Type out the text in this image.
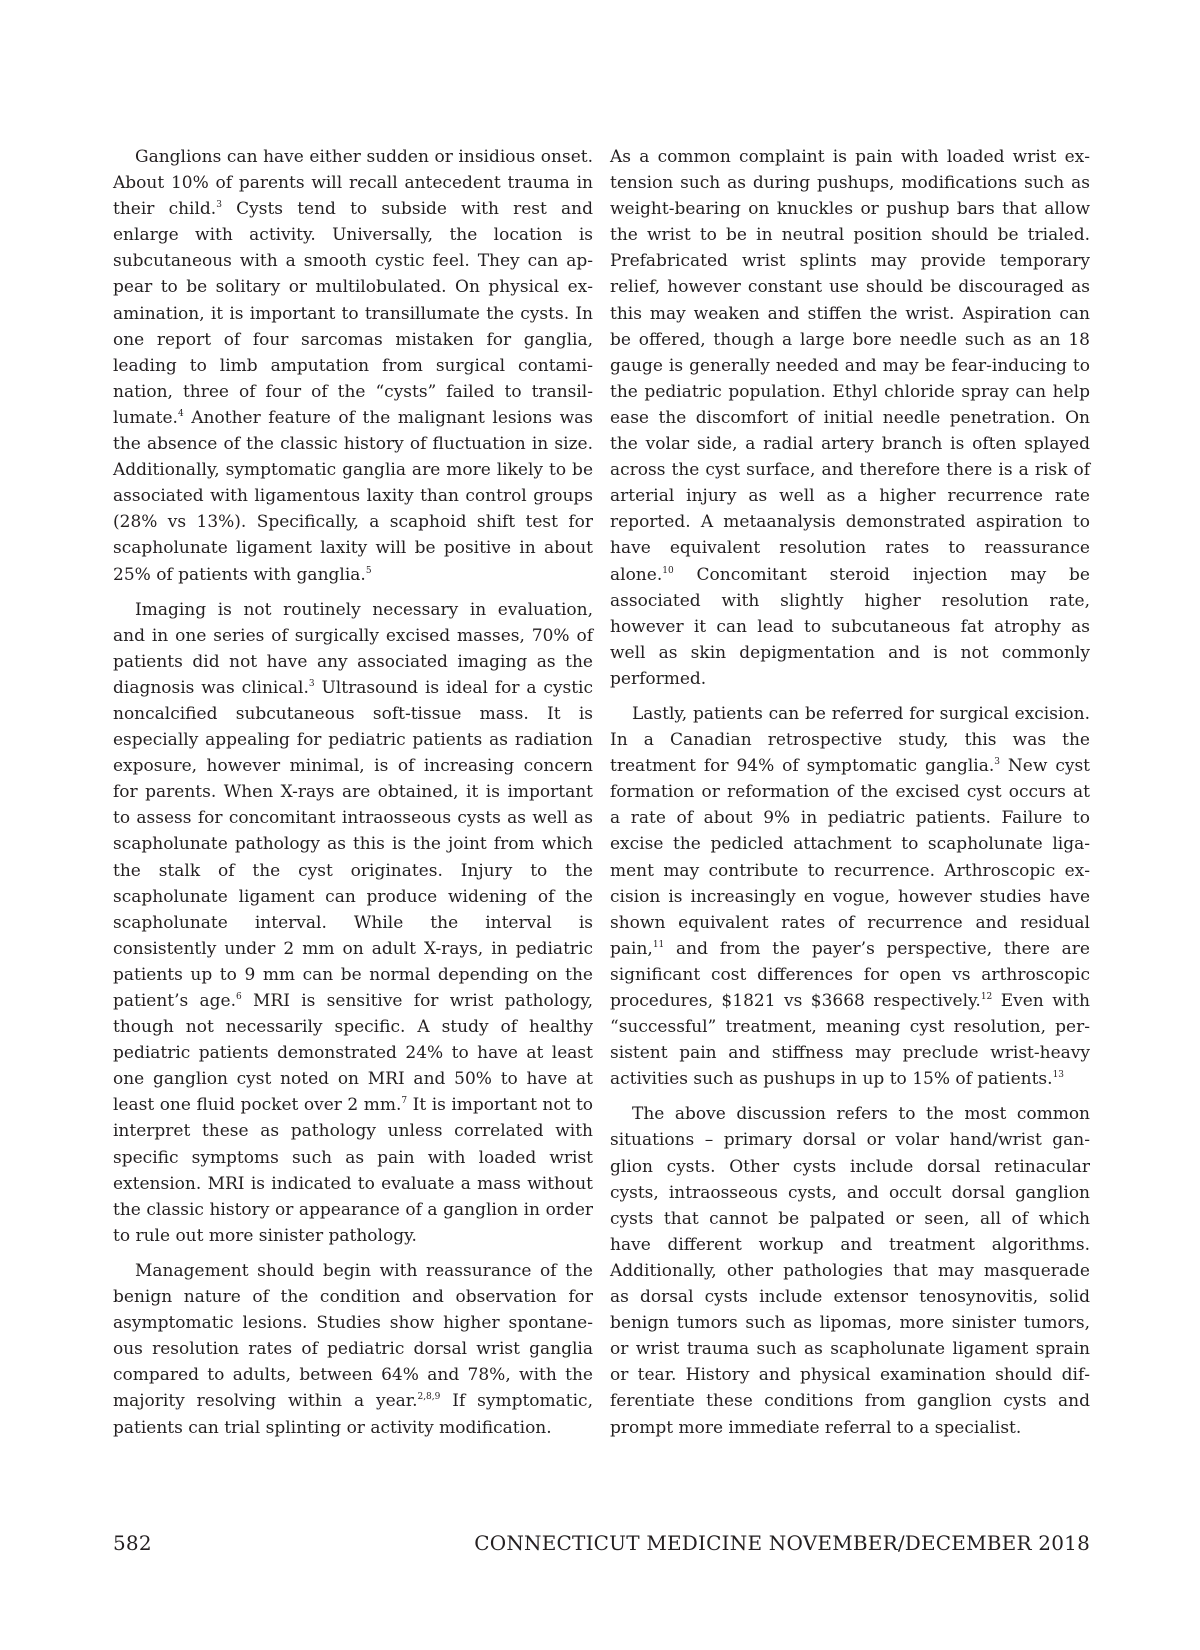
Ganglions can have either sudden or insidious onset. About 10% of parents will recall antecedent trauma in their child.$^3$ Cysts tend to subside with rest and enlarge with activity. Universally, the location is subcutaneous with a smooth cystic feel. They can appear to be solitary or multilobulated. On physical examination, it is important to transillumate the cysts. In one report of four sarcomas mistaken for ganglia, leading to limb amputation from surgical contamination, three of four of the “cysts” failed to transillumate.$^4$ Another feature of the malignant lesions was the absence of the classic history of fluctuation in size. Additionally, symptomatic ganglia are more likely to be associated with ligamentous laxity than control groups (28% vs 13%). Specifically, a scaphoid shift test for scapholunate ligament laxity will be positive in about 25% of patients with ganglia.$^5$

Imaging is not routinely necessary in evaluation, and in one series of surgically excised masses, 70% of patients did not have any associated imaging as the diagnosis was clinical.$^3$ Ultrasound is ideal for a cystic noncalcified subcutaneous soft-tissue mass. It is especially appealing for pediatric patients as radiation exposure, however minimal, is of increasing concern for parents. When X-rays are obtained, it is important to assess for concomitant intraosseous cysts as well as scapholunate pathology as this is the joint from which the stalk of the cyst originates. Injury to the scapholunate ligament can produce widening of the scapholunate interval. While the interval is consistently under 2 mm on adult X-rays, in pediatric patients up to 9 mm can be normal depending on the patient’s age.$^6$ MRI is sensitive for wrist pathology, though not necessarily specific. A study of healthy pediatric patients demonstrated 24% to have at least one ganglion cyst noted on MRI and 50% to have at least one fluid pocket over 2 mm.$^7$ It is important not to interpret these as pathology unless correlated with specific symptoms such as pain with loaded wrist extension. MRI is indicated to evaluate a mass without the classic history or appearance of a ganglion in order to rule out more sinister pathology.

Management should begin with reassurance of the benign nature of the condition and observation for asymptomatic lesions. Studies show higher spontaneous resolution rates of pediatric dorsal wrist ganglia compared to adults, between 64% and 78%, with the majority resolving within a year.$^{2,8,9}$ If symptomatic, patients can trial splinting or activity modification.

As a common complaint is pain with loaded wrist extension such as during pushups, modifications such as weight-bearing on knuckles or pushup bars that allow the wrist to be in neutral position should be trialed. Prefabricated wrist splints may provide temporary relief, however constant use should be discouraged as this may weaken and stiffen the wrist. Aspiration can be offered, though a large bore needle such as an 18 gauge is generally needed and may be fear-inducing to the pediatric population. Ethyl chloride spray can help ease the discomfort of initial needle penetration. On the volar side, a radial artery branch is often splayed across the cyst surface, and therefore there is a risk of arterial injury as well as a higher recurrence rate reported. A metaanalysis demonstrated aspiration to have equivalent resolution rates to reassurance alone.$^{10}$ Concomitant steroid injection may be associated with slightly higher resolution rate, however it can lead to subcutaneous fat atrophy as well as skin depigmentation and is not commonly performed.

Lastly, patients can be referred for surgical excision. In a Canadian retrospective study, this was the treatment for 94% of symptomatic ganglia.$^3$ New cyst formation or reformation of the excised cyst occurs at a rate of about 9% in pediatric patients. Failure to excise the pedicled attachment to scapholunate ligament may contribute to recurrence. Arthroscopic excision is increasingly en vogue, however studies have shown equivalent rates of recurrence and residual pain,$^{11}$ and from the payer’s perspective, there are significant cost differences for open vs arthroscopic procedures, $1821 vs $3668 respectively.$^{12}$ Even with “successful” treatment, meaning cyst resolution, persistent pain and stiffness may preclude wrist-heavy activities such as pushups in up to 15% of patients.$^{13}$

The above discussion refers to the most common situations – primary dorsal or volar hand/wrist ganglion cysts. Other cysts include dorsal retinacular cysts, intraosseous cysts, and occult dorsal ganglion cysts that cannot be palpated or seen, all of which have different workup and treatment algorithms. Additionally, other pathologies that may masquerade as dorsal cysts include extensor tenosynovitis, solid benign tumors such as lipomas, more sinister tumors, or wrist trauma such as scapholunate ligament sprain or tear. History and physical examination should differentiate these conditions from ganglion cysts and prompt more immediate referral to a specialist.

582	CONNECTICUT MEDICINE NOVEMBER/DECEMBER 2018
